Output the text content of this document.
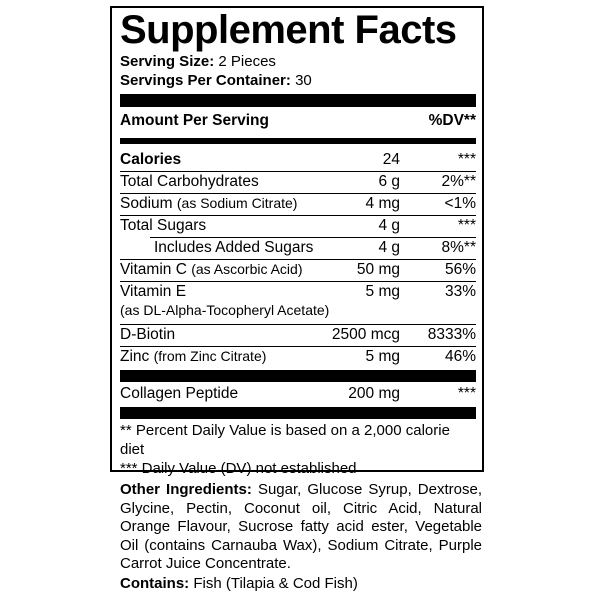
Supplement Facts
Serving Size: 2 Pieces
Servings Per Container: 30
Amount Per Serving	%DV**
Calories	24	***
Total Carbohydrates	6 g	2%**
Sodium (as Sodium Citrate)	4 mg	<1%
Total Sugars	4 g	***
Includes Added Sugars	4 g	8%**
Vitamin C (as Ascorbic Acid)	50 mg	56%
Vitamin E	5 mg	33%
(as DL-Alpha-Tocopheryl Acetate)
D-Biotin	2500 mcg 8333%
Zinc (from Zinc Citrate)	5 mg	46%
Collagen Peptide	200 mg	***
** Percent Daily Value is based on a 2,000 calorie diet
*** Daily Value (DV) not established
Other Ingredients: Sugar, Glucose Syrup, Dextrose, Glycine, Pectin, Coconut oil, Citric Acid, Natural Orange Flavour, Sucrose fatty acid ester, Vegetable Oil (contains Carnauba Wax), Sodium Citrate, Purple Carrot Juice Concentrate.
Contains: Fish (Tilapia & Cod Fish)
